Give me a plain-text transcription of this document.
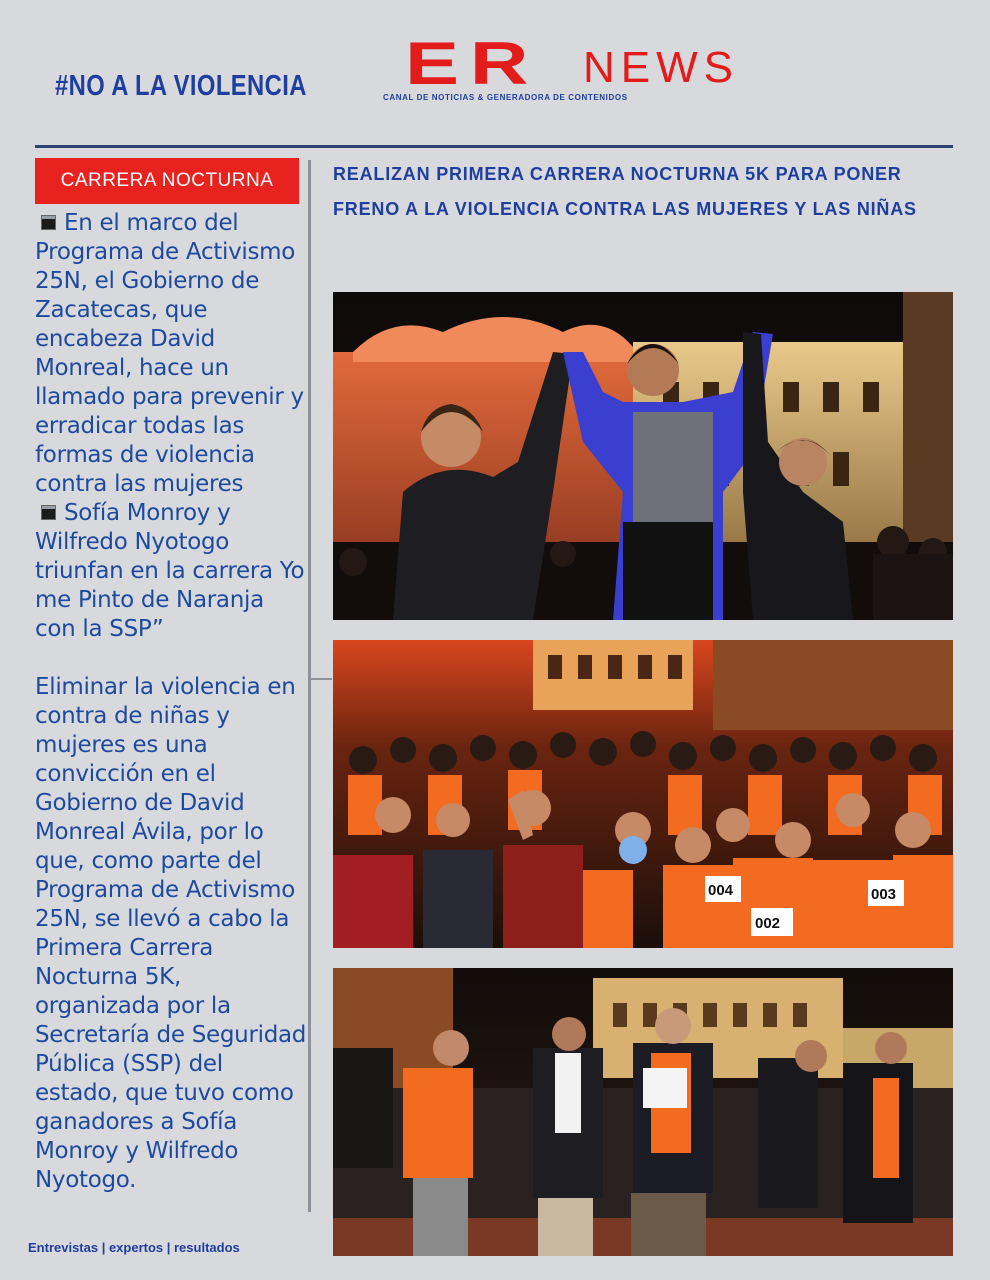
#NO A LA VIOLENCIA ER NEWS
CANAL DE NOTICIAS & GENERADORA DE CONTENIDOS
CARRERA NOCTURNA

En el marco del Programa de Activismo 25N, el Gobierno de Zacatecas, que encabeza David Monreal, hace un llamado para prevenir y erradicar todas las formas de violencia contra las mujeres

Sofía Monroy y Wilfredo Nyotogo triunfan en la carrera Yo me Pinto de Naranja con la SSP”

Eliminar la violencia en contra de niñas y mujeres es una convicción en el Gobierno de David Monreal Ávila, por lo que, como parte del Programa de Activismo 25N, se llevó a cabo la Primera Carrera Nocturna 5K, organizada por la Secretaría de Seguridad Pública (SSP) del estado, que tuvo como ganadores a Sofía Monroy y Wilfredo Nyotogo.

Entrevistas | expertos | resultados
REALIZAN PRIMERA CARRERA NOCTURNA 5K PARA PONER FRENO A LA VIOLENCIA CONTRA LAS MUJERES Y LAS NIÑAS
004
002
003
